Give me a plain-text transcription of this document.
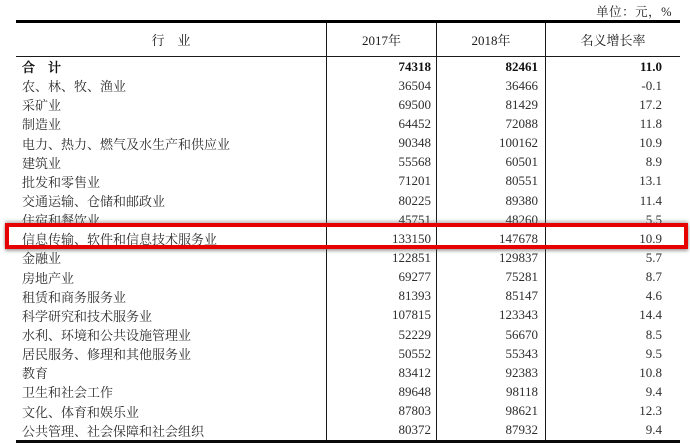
单位：元，%
行　业	2017年	2018年	名义增长率
合　计	74318	82461	11.0
农、林、牧、渔业	36504	36466	-0.1
采矿业	69500	81429	17.2
制造业	64452	72088	11.8
电力、热力、燃气及水生产和供应业	90348	100162	10.9
建筑业	55568	60501	8.9
批发和零售业	71201	80551	13.1
交通运输、仓储和邮政业	80225	89380	11.4
住宿和餐饮业	45751	48260	5.5
信息传输、软件和信息技术服务业	133150	147678	10.9
金融业	122851	129837	5.7
房地产业	69277	75281	8.7
租赁和商务服务业	81393	85147	4.6
科学研究和技术服务业	107815	123343	14.4
水利、环境和公共设施管理业	52229	56670	8.5
居民服务、修理和其他服务业	50552	55343	9.5
教育	83412	92383	10.8
卫生和社会工作	89648	98118	9.4
文化、体育和娱乐业	87803	98621	12.3
公共管理、社会保障和社会组织	80372	87932	9.4
